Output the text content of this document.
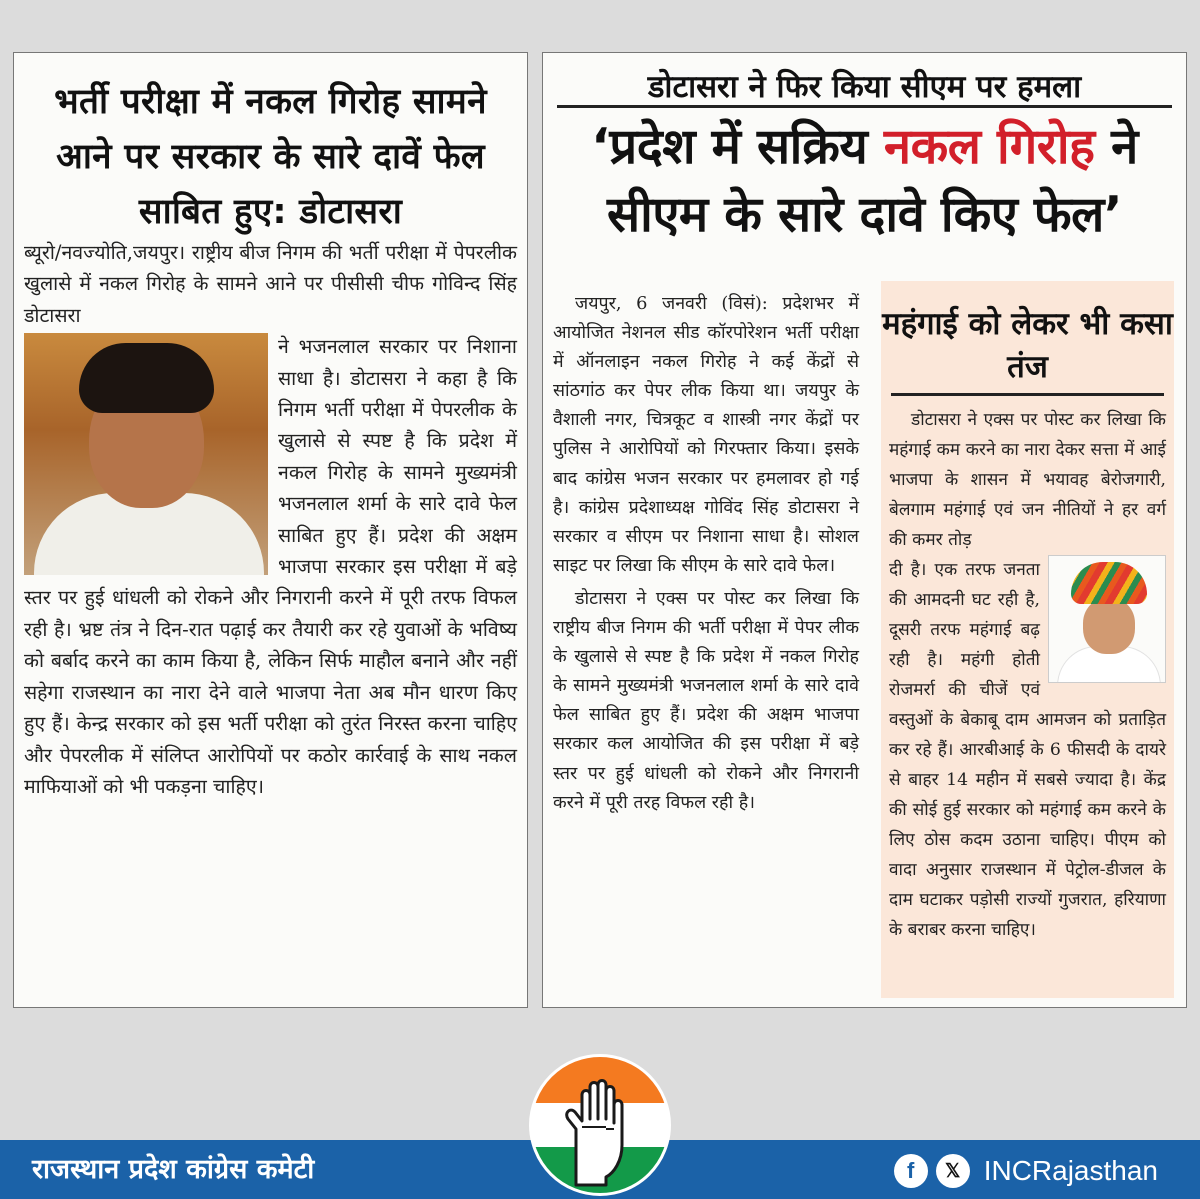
भर्ती परीक्षा में नकल गिरोह सामने आने पर सरकार के सारे दावें फेल साबित हुए: डोटासरा
ब्यूरो/नवज्योति,जयपुर। राष्ट्रीय बीज निगम की भर्ती परीक्षा में पेपरलीक खुलासे में नकल गिरोह के सामने आने पर पीसीसी चीफ गोविन्द सिंह डोटासरा
ने भजनलाल सरकार पर निशाना साधा है। डोटासरा ने कहा है कि निगम भर्ती परीक्षा में पेपरलीक के खुलासे से स्पष्ट है कि प्रदेश में नकल गिरोह के सामने मुख्यमंत्री भजनलाल शर्मा के सारे दावे फेल साबित हुए हैं। प्रदेश की अक्षम भाजपा सरकार इस परीक्षा में बड़े स्तर पर हुई धांधली को रोकने और निगरानी करने में पूरी तरफ विफल रही है। भ्रष्ट तंत्र ने दिन-रात पढ़ाई कर तैयारी कर रहे युवाओं के भविष्य को बर्बाद करने का काम किया है, लेकिन सिर्फ माहौल बनाने और नहीं सहेगा राजस्थान का नारा देने वाले भाजपा नेता अब मौन धारण किए हुए हैं। केन्द्र सरकार को इस भर्ती परीक्षा को तुरंत निरस्त करना चाहिए और पेपरलीक में संलिप्त आरोपियों पर कठोर कार्रवाई के साथ नकल माफियाओं को भी पकड़ना चाहिए।
डोटासरा ने फिर किया सीएम पर हमला
‘प्रदेश में सक्रिय नकल गिरोह ने सीएम के सारे दावे किए फेल’

जयपुर, 6 जनवरी (विसं): प्रदेशभर में आयोजित नेशनल सीड कॉरपोरेशन भर्ती परीक्षा में ऑनलाइन नकल गिरोह ने कई केंद्रों से सांठगांठ कर पेपर लीक किया था। जयपुर के वैशाली नगर, चित्रकूट व शास्त्री नगर केंद्रों पर पुलिस ने आरोपियों को गिरफ्तार किया। इसके बाद कांग्रेस भजन सरकार पर हमलावर हो गई है। कांग्रेस प्रदेशाध्यक्ष गोविंद सिंह डोटासरा ने सरकार व सीएम पर निशाना साधा है। सोशल साइट पर लिखा कि सीएम के सारे दावे फेल।

डोटासरा ने एक्स पर पोस्ट कर लिखा कि राष्ट्रीय बीज निगम की भर्ती परीक्षा में पेपर लीक के खुलासे से स्पष्ट है कि प्रदेश में नकल गिरोह के सामने मुख्यमंत्री भजनलाल शर्मा के सारे दावे फेल साबित हुए हैं। प्रदेश की अक्षम भाजपा सरकार कल आयोजित की इस परीक्षा में बड़े स्तर पर हुई धांधली को रोकने और निगरानी करने में पूरी तरह विफल रही है।

महंगाई को लेकर भी कसा तंज

डोटासरा ने एक्स पर पोस्ट कर लिखा कि महंगाई कम करने का नारा देकर सत्ता में आई भाजपा के शासन में भयावह बेरोजगारी, बेलगाम महंगाई एवं जन नीतियों ने हर वर्ग की कमर तोड़

दी है। एक तरफ जनता की आमदनी घट रही है, दूसरी तरफ महंगाई बढ़ रही है। महंगी होती रोजमर्रा की चीजें एवं वस्तुओं के बेकाबू दाम आमजन को प्रताड़ित कर रहे हैं। आरबीआई के 6 फीसदी के दायरे से बाहर 14 महीन में सबसे ज्यादा है। केंद्र की सोई हुई सरकार को महंगाई कम करने के लिए ठोस कदम उठाना चाहिए। पीएम को वादा अनुसार राजस्थान में पेट्रोल-डीजल के दाम घटाकर पड़ोसी राज्यों गुजरात, हरियाणा के बराबर करना चाहिए।
राजस्थान प्रदेश कांग्रेस कमेटी	f	𝕏 INCRajasthan
